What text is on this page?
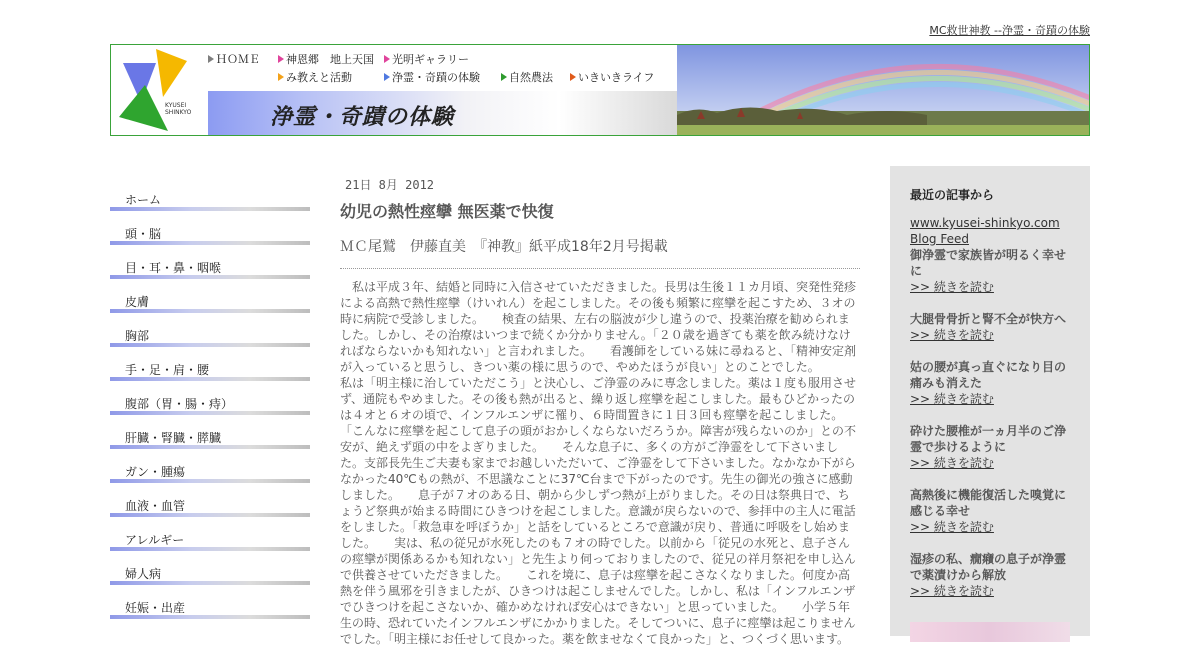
MC救世神教 --浄霊・奇蹟の体験
KYUSEI
SHINKYO
ＨＯＭＥ	神恩郷　地上天国	光明ギャラリー
み教えと活動	浄霊・奇蹟の体験	自然農法	いきいきライフ
浄霊・奇蹟の体験
ホーム
頭・脳
目・耳・鼻・咽喉
皮膚
胸部
手・足・肩・腰
腹部（胃・腸・痔）
肝臓・腎臓・膵臓
ガン・腫瘍
血液・血管
アレルギー
婦人病
妊娠・出産
21日 8月 2012
幼児の熱性痙攣 無医薬で快復
ＭＣ尾鷲　伊藤直美　『神教』紙平成18年2月号掲載

　私は平成３年、結婚と同時に入信させていただきました。長男は生後１１カ月頃、突発性発疹による高熱で熱性痙攣（けいれん）を起こしました。その後も頻繁に痙攣を起こすため、３オの時に病院で受診しました。　　検査の結果、左右の脳波が少し違うので、投薬治療を勧められました。しかし、その治療はいつまで続くか分かりません。「２０歳を過ぎても薬を飲み続けなければならないかも知れない」と言われました。　　看護師をしている妹に尋ねると、「精神安定剤が入っていると思うし、きつい薬の様に思うので、やめたほうが良い」とのことでした。

私は「明主様に治していただこう」と決心し、ご浄霊のみに専念しました。薬は１度も服用させず、通院もやめました。その後も熱が出ると、繰り返し痙攣を起こしました。最もひどかったのは４オと６オの頃で、インフルエンザに罹り、６時間置きに１日３回も痙攣を起こしました。「こんなに痙攣を起こして息子の頭がおかしくならないだろうか。障害が残らないのか」との不安が、絶えず頭の中をよぎりました。　　そんな息子に、多くの方がご浄霊をして下さいました。支部長先生ご夫妻も家までお越しいただいて、ご浄霊をして下さいました。なかなか下がらなかった40℃もの熱が、不思議なことに37℃台まで下がったのです。先生の御光の強さに感動しました。　　息子が７オのある日、朝から少しずつ熱が上がりました。その日は祭典日で、ちょうど祭典が始まる時間にひきつけを起こしました。意識が戻らないので、参拝中の主人に電話をしました。「救急車を呼ぼうか」と話をしているところで意識が戻り、普通に呼吸をし始めました。　　実は、私の従兄が水死したのも７オの時でした。以前から「従兄の水死と、息子さんの痙攣が関係あるかも知れない」と先生より伺っておりましたので、従兄の祥月祭祀を申し込んで供養させていただきました。　　これを境に、息子は痙攣を起こさなくなりました。何度か高熱を伴う風邪を引きましたが、ひきつけは起こしませんでした。しかし、私は「インフルエンザでひきつけを起こさないか、確かめなければ安心はできない」と思っていました。　　小学５年生の時、恐れていたインフルエンザにかかりました。そしてついに、息子に痙攣は起こりませんでした。「明主様にお任せして良かった。薬を飲ませなくて良かった」と、つくづく思います。

最近の記事から
www.kyusei-shinkyo.com
Blog Feed
御浄霊で家族皆が明るく幸せに
>> 続きを読む
大腿骨骨折と腎不全が快方へ
>> 続きを読む
姑の腰が真っ直ぐになり目の痛みも消えた
>> 続きを読む
砕けた腰椎が一ヵ月半のご浄霊で歩けるように
>> 続きを読む
高熱後に機能復活した嗅覚に感じる幸せ
>> 続きを読む
湿疹の私、癇癪の息子が浄霊で薬漬けから解放
>> 続きを読む
